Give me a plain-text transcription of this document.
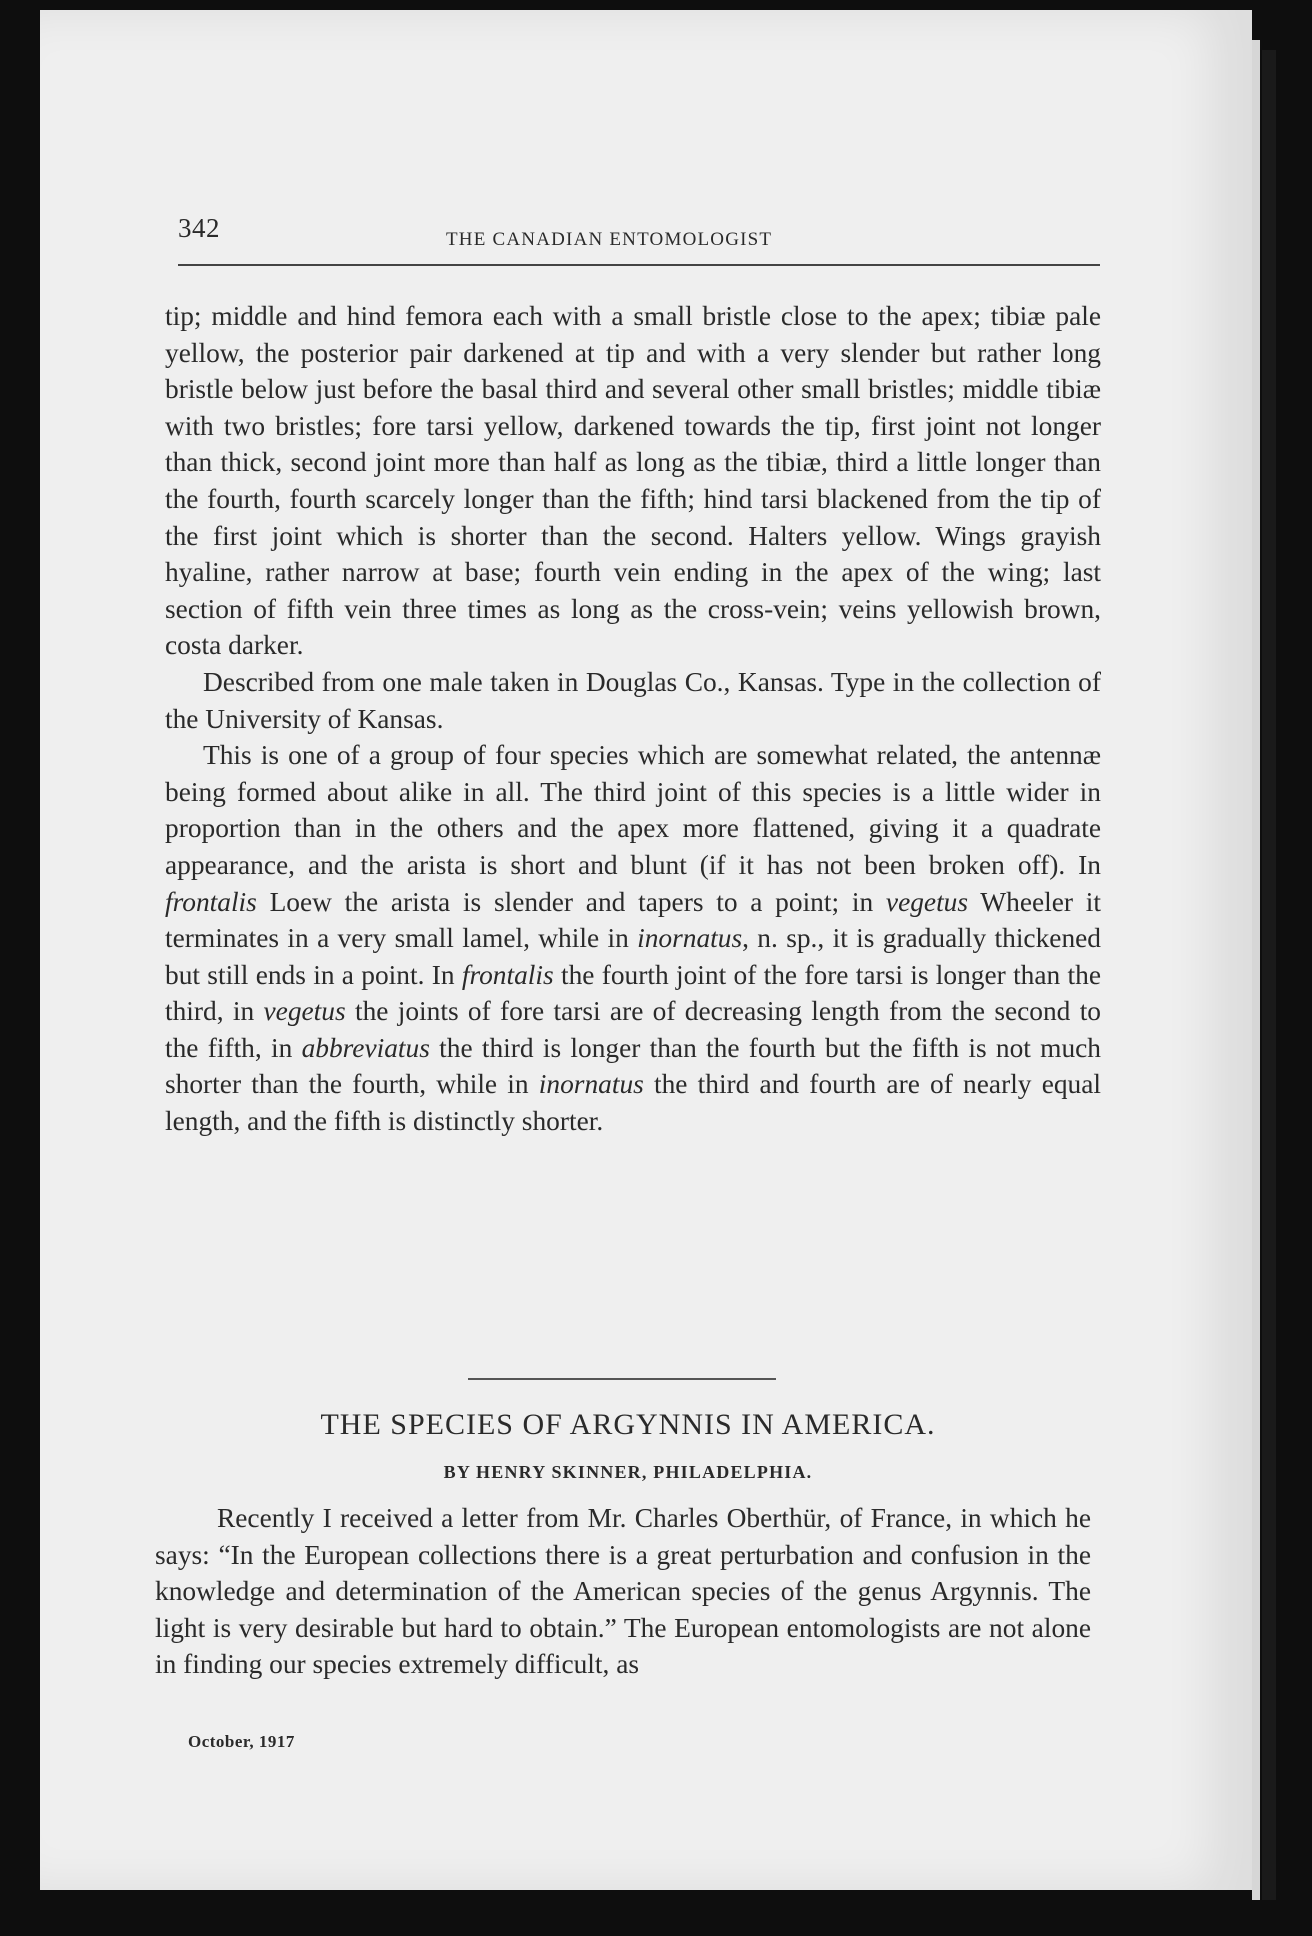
342	THE CANADIAN ENTOMOLOGIST

tip; middle and hind femora each with a small bristle close to the apex; tibiæ pale yellow, the posterior pair darkened at tip and with a very slender but rather long bristle below just before the basal third and several other small bristles; middle tibiæ with two bristles; fore tarsi yellow, darkened towards the tip, first joint not longer than thick, second joint more than half as long as the tibiæ, third a little longer than the fourth, fourth scarcely longer than the fifth; hind tarsi blackened from the tip of the first joint which is shorter than the second. Halters yellow. Wings grayish hyaline, rather narrow at base; fourth vein ending in the apex of the wing; last section of fifth vein three times as long as the cross-vein; veins yellowish brown, costa darker.

Described from one male taken in Douglas Co., Kansas. Type in the collection of the University of Kansas.

This is one of a group of four species which are somewhat related, the antennæ being formed about alike in all. The third joint of this species is a little wider in proportion than in the others and the apex more flattened, giving it a quadrate appearance, and the arista is short and blunt (if it has not been broken off). In frontalis Loew the arista is slender and tapers to a point; in vegetus Wheeler it terminates in a very small lamel, while in inornatus, n. sp., it is gradually thickened but still ends in a point. In frontalis the fourth joint of the fore tarsi is longer than the third, in vegetus the joints of fore tarsi are of decreasing length from the second to the fifth, in abbreviatus the third is longer than the fourth but the fifth is not much shorter than the fourth, while in inornatus the third and fourth are of nearly equal length, and the fifth is distinctly shorter.

THE SPECIES OF ARGYNNIS IN AMERICA.
BY HENRY SKINNER, PHILADELPHIA.

Recently I received a letter from Mr. Charles Oberthür, of France, in which he says: “In the European collections there is a great perturbation and confusion in the knowledge and determination of the American species of the genus Argynnis. The light is very desirable but hard to obtain.” The European entomologists are not alone in finding our species extremely difficult, as

October, 1917
